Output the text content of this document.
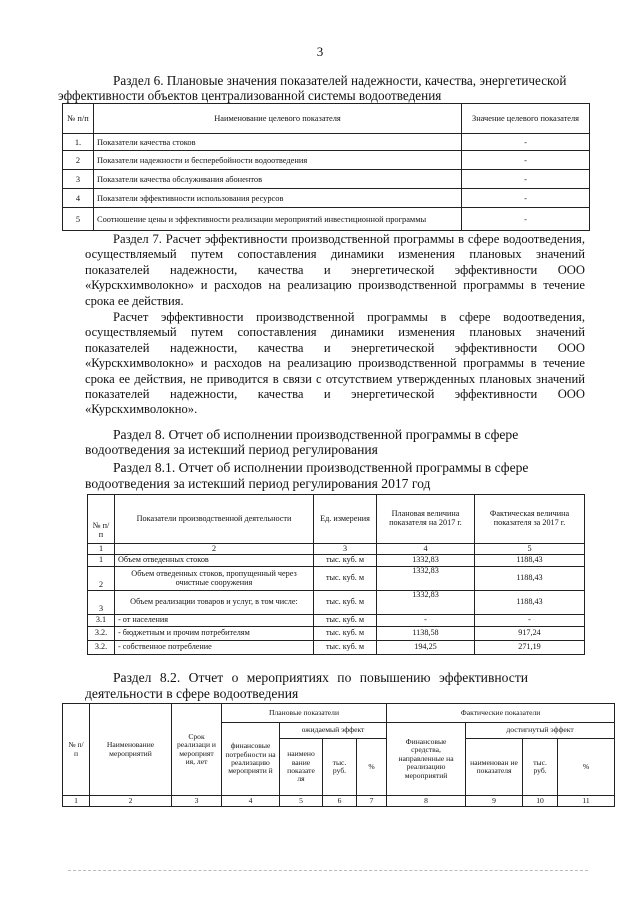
3
Раздел 6. Плановые значения показателей надежности, качества, энергетической
эффективности объектов централизованной системы водоотведения
№ п/п	Наименование целевого показателя	Значение целевого показателя
1.	Показатели качества стоков	-
2	Показатели надежности и бесперебойности водоотведения	-
3	Показатели качества обслуживания абонентов	-
4	Показатели эффективности использования ресурсов	-
5	Соотношение цены и эффективности реализации мероприятий инвестиционной программы	-
Раздел 7. Расчет эффективности производственной программы в сфере водоотведения, осуществляемый путем сопоставления динамики изменения плановых значений показателей надежности, качества и энергетической эффективности ООО «Курскхимволокно» и расходов на реализацию производственной программы в течение срока ее действия.
Расчет эффективности производственной программы в сфере водоотведения, осуществляемый путем сопоставления динамики изменения плановых значений показателей надежности, качества и энергетической эффективности ООО «Курскхимволокно» и расходов на реализацию производственной программы в течение срока ее действия, не приводится в связи с отсутствием утвержденных плановых значений показателей надежности, качества и энергетической эффективности ООО «Курскхимволокно».
Раздел 8. Отчет об исполнении производственной программы в сфере
водоотведения за истекший период регулирования
Раздел 8.1. Отчет об исполнении производственной программы в сфере
водоотведения за истекший период регулирования 2017 год
№ п/п	Показатели производственной деятельности	Ед. измерения	Плановая величина показателя на 2017 г.	Фактическая величина показателя за 2017 г.
1	2	3	4	5
1	Объем отведенных стоков	тыс. куб. м	1332,83	1188,43
2	Объем отведенных стоков, пропущенный через очистные сооружения	тыс. куб. м	1332,83	1188,43
3	Объем реализации товаров и услуг, в том числе:	тыс. куб. м	1332,83	1188,43
3.1	- от населения	тыс. куб. м	-	-
3.2.	- бюджетным и прочим потребителям	тыс. куб. м	1138,58	917,24
3.2.	- собственное потребление	тыс. куб. м	194,25	271,19
Раздел 8.2. Отчет о мероприятиях по повышению эффективности
деятельности в сфере водоотведения
№ п/ п	Наименование мероприятий	Срок реализаци и мероприят ия, лет	Плановые показатели				Фактические показатели			
			финансовые потребности на реализацию мероприяти й	ожидаемый эффект			Финансовые средства, направленные на реализацию мероприятий	достигнутый эффект		
				наимено вание показате ля	тыс. руб.	%		наименован ие показателя	тыс. руб.	%
1	2	3	4	5	6	7	8	9	10	11
